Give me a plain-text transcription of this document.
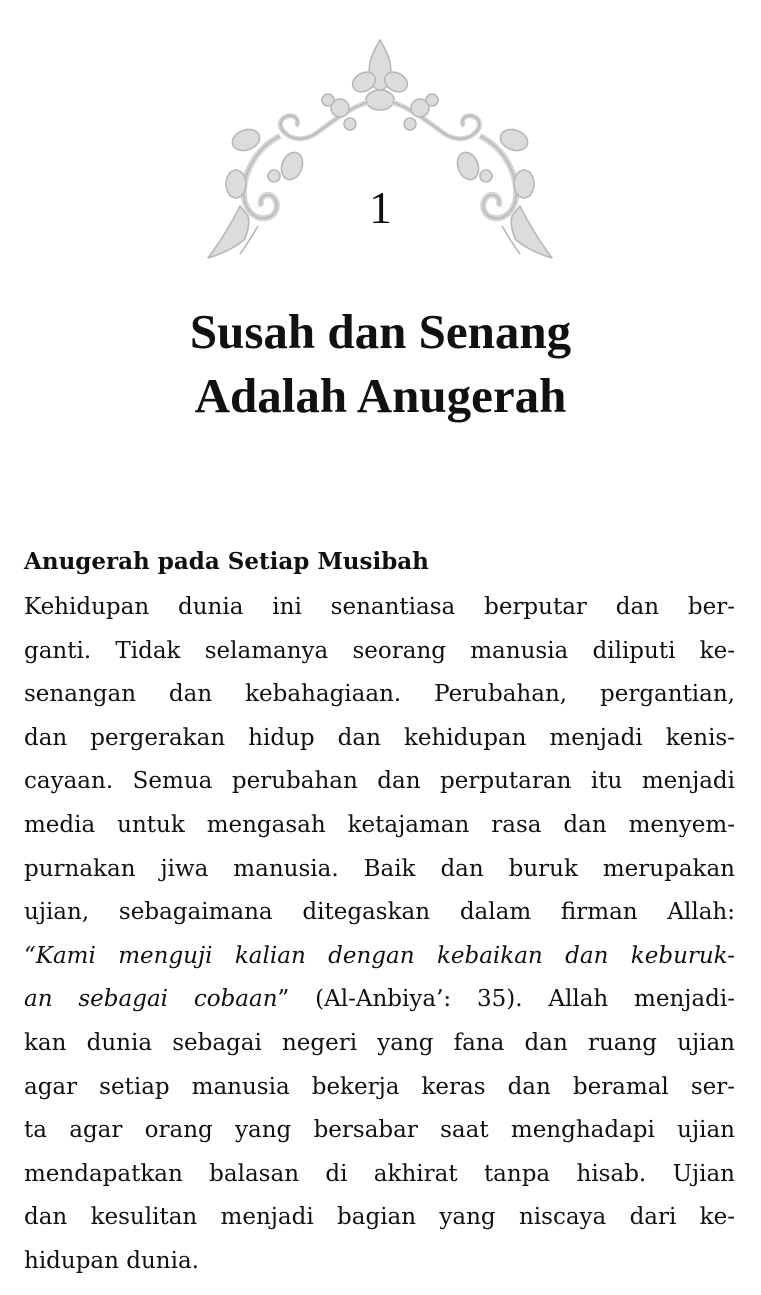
1
Susah dan Senang
Adalah Anugerah
Anugerah pada Setiap Musibah
Kehidupan dunia ini senantiasa berputar dan ber-
ganti. Tidak selamanya seorang manusia diliputi ke-
senangan dan kebahagiaan. Perubahan, pergantian,
dan pergerakan hidup dan kehidupan menjadi kenis-
cayaan. Semua perubahan dan perputaran itu menjadi
media untuk mengasah ketajaman rasa dan menyem-
purnakan jiwa manusia. Baik dan buruk merupakan
ujian, sebagaimana ditegaskan dalam firman Allah:
“Kami menguji kalian dengan kebaikan dan keburuk-
an sebagai cobaan” (Al-Anbiya’: 35). Allah menjadi-
kan dunia sebagai negeri yang fana dan ruang ujian
agar setiap manusia bekerja keras dan beramal ser-
ta agar orang yang bersabar saat menghadapi ujian
mendapatkan balasan di akhirat tanpa hisab. Ujian
dan kesulitan menjadi bagian yang niscaya dari ke-
hidupan dunia.
